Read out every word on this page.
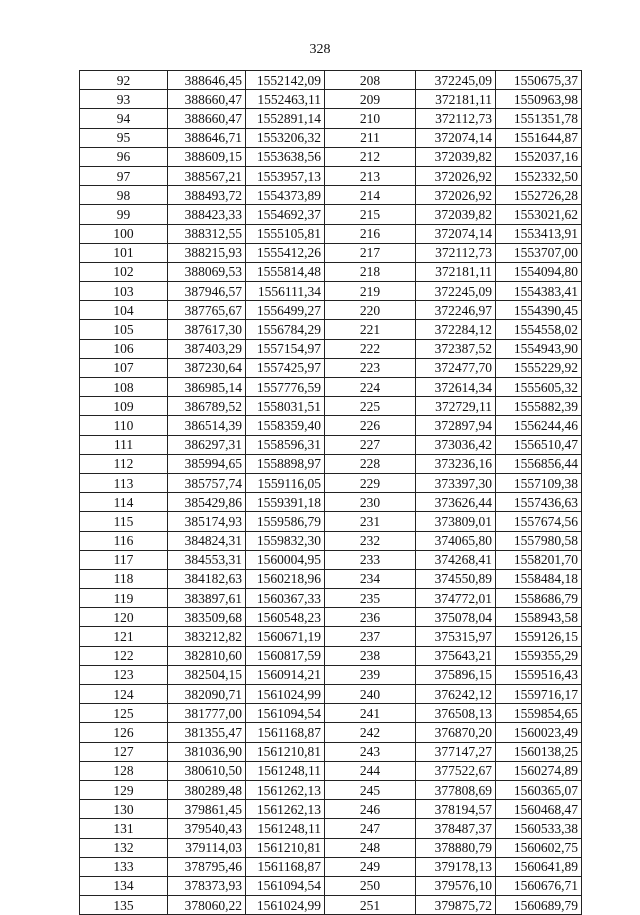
328
92	388646,45	1552142,09	208	372245,09	1550675,37
93	388660,47	1552463,11	209	372181,11	1550963,98
94	388660,47	1552891,14	210	372112,73	1551351,78
95	388646,71	1553206,32	211	372074,14	1551644,87
96	388609,15	1553638,56	212	372039,82	1552037,16
97	388567,21	1553957,13	213	372026,92	1552332,50
98	388493,72	1554373,89	214	372026,92	1552726,28
99	388423,33	1554692,37	215	372039,82	1553021,62
100	388312,55	1555105,81	216	372074,14	1553413,91
101	388215,93	1555412,26	217	372112,73	1553707,00
102	388069,53	1555814,48	218	372181,11	1554094,80
103	387946,57	1556111,34	219	372245,09	1554383,41
104	387765,67	1556499,27	220	372246,97	1554390,45
105	387617,30	1556784,29	221	372284,12	1554558,02
106	387403,29	1557154,97	222	372387,52	1554943,90
107	387230,64	1557425,97	223	372477,70	1555229,92
108	386985,14	1557776,59	224	372614,34	1555605,32
109	386789,52	1558031,51	225	372729,11	1555882,39
110	386514,39	1558359,40	226	372897,94	1556244,46
111	386297,31	1558596,31	227	373036,42	1556510,47
112	385994,65	1558898,97	228	373236,16	1556856,44
113	385757,74	1559116,05	229	373397,30	1557109,38
114	385429,86	1559391,18	230	373626,44	1557436,63
115	385174,93	1559586,79	231	373809,01	1557674,56
116	384824,31	1559832,30	232	374065,80	1557980,58
117	384553,31	1560004,95	233	374268,41	1558201,70
118	384182,63	1560218,96	234	374550,89	1558484,18
119	383897,61	1560367,33	235	374772,01	1558686,79
120	383509,68	1560548,23	236	375078,04	1558943,58
121	383212,82	1560671,19	237	375315,97	1559126,15
122	382810,60	1560817,59	238	375643,21	1559355,29
123	382504,15	1560914,21	239	375896,15	1559516,43
124	382090,71	1561024,99	240	376242,12	1559716,17
125	381777,00	1561094,54	241	376508,13	1559854,65
126	381355,47	1561168,87	242	376870,20	1560023,49
127	381036,90	1561210,81	243	377147,27	1560138,25
128	380610,50	1561248,11	244	377522,67	1560274,89
129	380289,48	1561262,13	245	377808,69	1560365,07
130	379861,45	1561262,13	246	378194,57	1560468,47
131	379540,43	1561248,11	247	378487,37	1560533,38
132	379114,03	1561210,81	248	378880,79	1560602,75
133	378795,46	1561168,87	249	379178,13	1560641,89
134	378373,93	1561094,54	250	379576,10	1560676,71
135	378060,22	1561024,99	251	379875,72	1560689,79
